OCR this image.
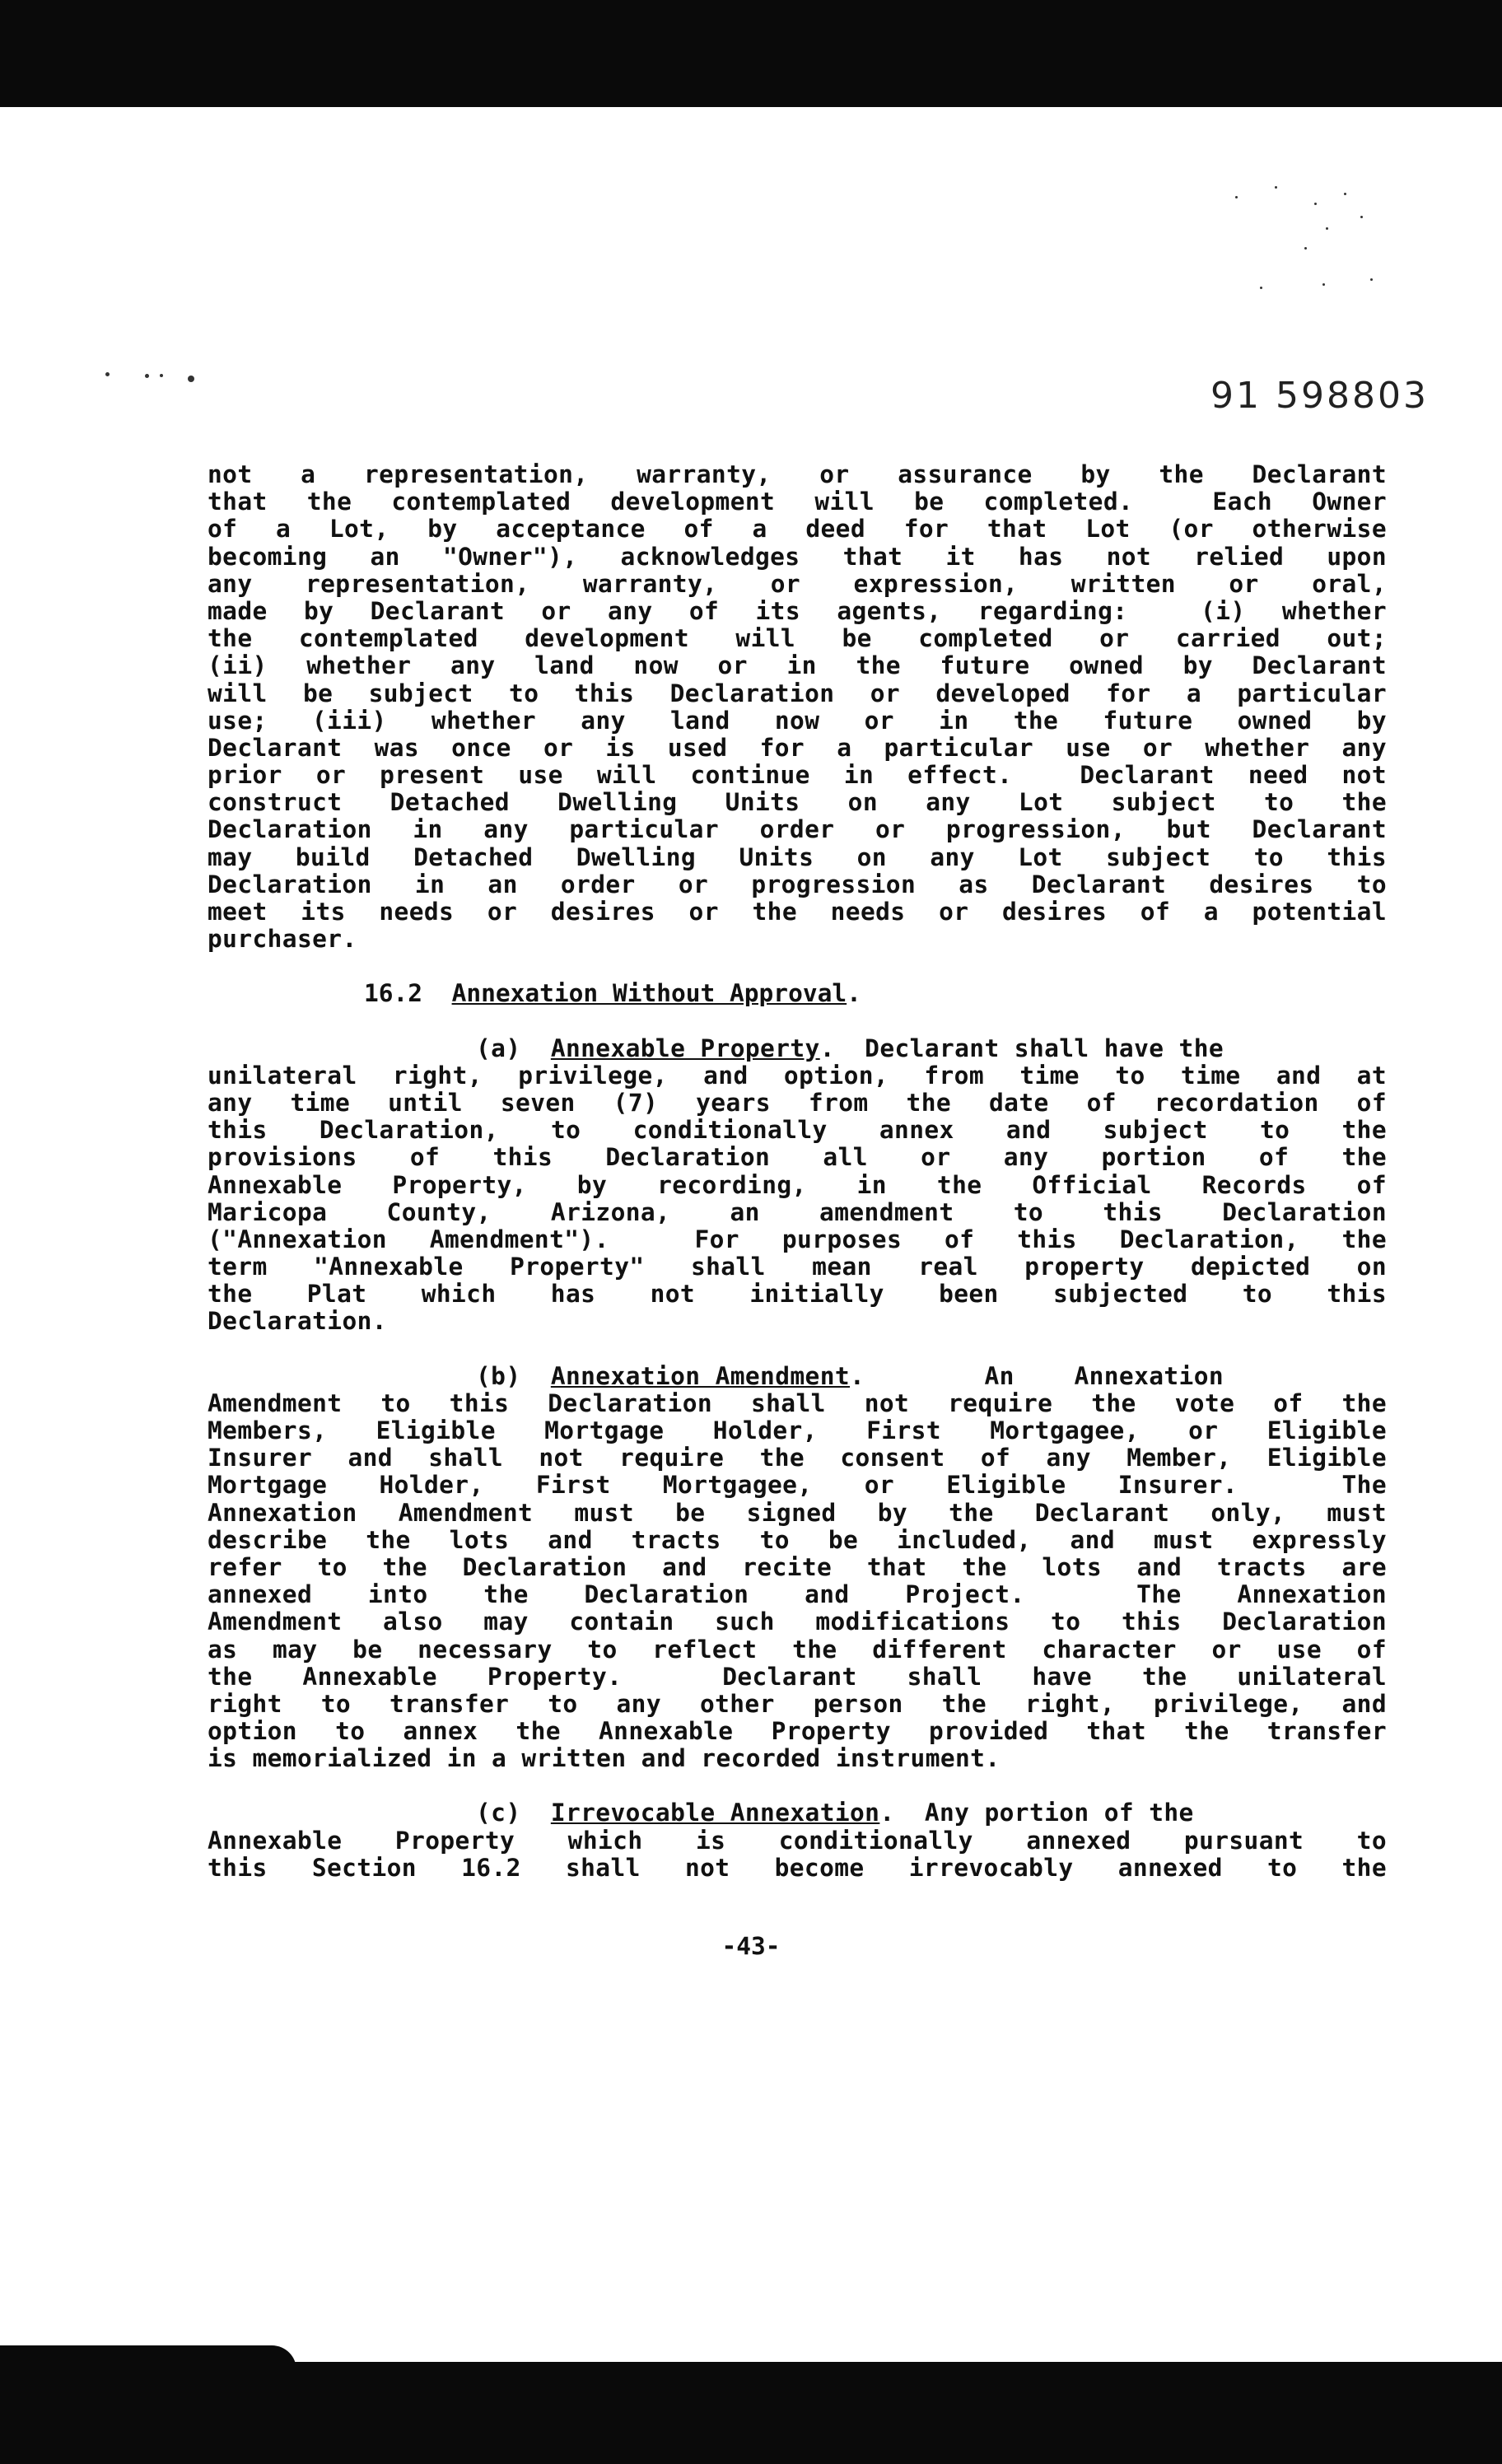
91 598803
not a representation, warranty, or assurance by the Declarant
that the contemplated development will be completed.  Each Owner
of a Lot, by acceptance of a deed for that Lot (or otherwise
becoming an "Owner"), acknowledges that it has not relied upon
any representation, warranty, or expression, written or oral,
made by Declarant or any of its agents, regarding:  (i) whether
the contemplated development will be completed or carried out;
(ii) whether any land now or in the future owned by Declarant
will be subject to this Declaration or developed for a particular
use; (iii) whether any land now or in the future owned by
Declarant was once or is used for a particular use or whether any
prior or present use will continue in effect.  Declarant need not
construct Detached Dwelling Units on any Lot subject to the
Declaration in any particular order or progression, but Declarant
may build Detached Dwelling Units on any Lot subject to this
Declaration in an order or progression as Declarant desires to
meet its needs or desires or the needs or desires of a potential
purchaser.
16.2 Annexation Without Approval.
(a) Annexable Property.  Declarant shall have the
unilateral right, privilege, and option, from time to time and at
any time until seven (7) years from the date of recordation of
this Declaration, to conditionally annex and subject to the
provisions of this Declaration all or any portion of the
Annexable Property, by recording, in the Official Records of
Maricopa County, Arizona, an amendment to this Declaration
("Annexation Amendment").  For purposes of this Declaration, the
term "Annexable Property" shall mean real property depicted on
the Plat which has not initially been subjected to this
Declaration.
(b) Annexation Amendment.        An    Annexation
Amendment to this Declaration shall not require the vote of the
Members, Eligible Mortgage Holder, First Mortgagee, or Eligible
Insurer and shall not require the consent of any Member, Eligible
Mortgage Holder, First Mortgagee, or Eligible Insurer.  The
Annexation Amendment must be signed by the Declarant only, must
describe the lots and tracts to be included, and must expressly
refer to the Declaration and recite that the lots and tracts are
annexed into the Declaration and Project.  The Annexation
Amendment also may contain such modifications to this Declaration
as may be necessary to reflect the different character or use of
the Annexable Property.  Declarant shall have the unilateral
right to transfer to any other person the right, privilege, and
option to annex the Annexable Property provided that the transfer
is memorialized in a written and recorded instrument.
(c) Irrevocable Annexation.  Any portion of the
Annexable Property which is conditionally annexed pursuant to
this Section 16.2 shall not become irrevocably annexed to the
-43-
